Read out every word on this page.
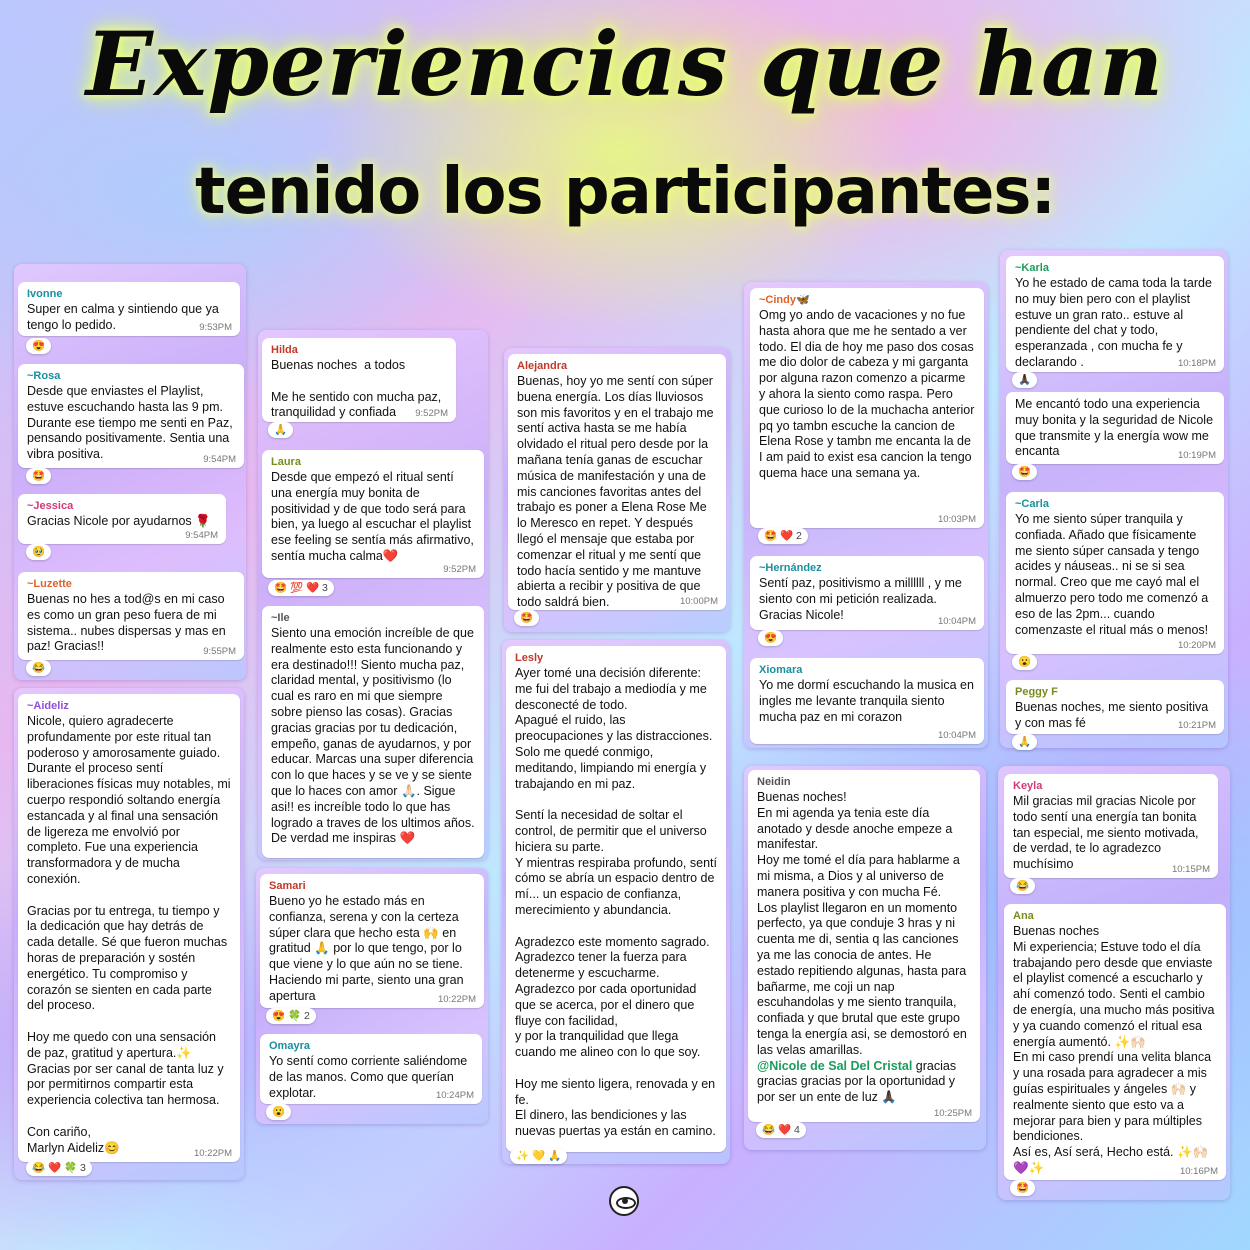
Experiencias que han
tenido los participantes:
Ivonne
Super en calma y sintiendo que ya tengo lo pedido.	9:53PM
😍
~Rosa
Desde que enviastes el Playlist, estuve escuchando hasta las 9 pm. Durante ese tiempo me senti en Paz, pensando positivamente. Sentia una vibra positiva.	9:54PM
🤩
~Jessica
Gracias Nicole por ayudarnos 🌹
9:54PM
🥹
~Luzette
Buenas no hes a tod@s en mi caso es como un gran peso fuera de mi sistema.. nubes dispersas y mas en paz! Gracias!!	9:55PM
😂
~Aideliz
Nicole, quiero agradecerte profundamente por este ritual tan poderoso y amorosamente guiado. Durante el proceso sentí liberaciones físicas muy notables, mi cuerpo respondió soltando energía estancada y al final una sensación de ligereza me envolvió por completo. Fue una experiencia transformadora y de mucha conexión.

Gracias por tu entrega, tu tiempo y la dedicación que hay detrás de cada detalle. Sé que fueron muchas horas de preparación y sostén energético. Tu compromiso y corazón se sienten en cada parte del proceso.

Hoy me quedo con una sensación de paz, gratitud y apertura.✨
Gracias por ser canal de tanta luz y por permitirnos compartir esta experiencia colectiva tan hermosa.

Con cariño,
Marlyn Aideliz😊	10:22PM
😂 ❤️ 🍀 3
Hilda
Buenas noches  a todos

Me he sentido con mucha paz, tranquilidad y confiada	9:52PM
🙏
Laura
Desde que empezó el ritual sentí una energía muy bonita de positividad y de que todo será para bien, ya luego al escuchar el playlist ese feeling se sentía más afirmativo, sentía mucha calma❤️
9:52PM
🤩 💯 ❤️ 3
~Ile
Siento una emoción increíble de que realmente esto esta funcionando y era destinado!!! Siento mucha paz, claridad mental, y positivismo (lo cual es raro en mi que siempre sobre pienso las cosas). Gracias gracias gracias por tu dedicación, empeño, ganas de ayudarnos, y por educar. Marcas una super diferencia con lo que haces y se ve y se siente que lo haces con amor 🙏🏻. Sigue asi!! es increíble todo lo que has logrado a traves de los ultimos años. De verdad me inspiras ❤️
Samari
Bueno yo he estado más en confianza, serena y con la certeza súper clara que hecho esta 🙌 en gratitud 🙏 por lo que tengo, por lo que viene y lo que aún no se tiene. Haciendo mi parte, siento una gran apertura	10:22PM
😍 🍀 2
Omayra
Yo sentí como corriente saliéndome de las manos. Como que querían explotar.	10:24PM
😮
Alejandra
Buenas, hoy yo me sentí con súper buena energía. Los días lluviosos son mis favoritos y en el trabajo me sentí activa hasta se me había olvidado el ritual pero desde por la mañana tenía ganas de escuchar música de manifestación y una de mis canciones favoritas antes del trabajo es poner a Elena Rose Me lo Meresco en repet. Y después llegó el mensaje que estaba por comenzar el ritual y me sentí que todo hacía sentido y me mantuve abierta a recibir y positiva de que todo saldrá bien.	10:00PM
🤩
Lesly
Ayer tomé una decisión diferente: me fui del trabajo a mediodía y me desconecté de todo.
Apagué el ruido, las preocupaciones y las distracciones.
Solo me quedé conmigo, meditando, limpiando mi energía y trabajando en mi paz.

Sentí la necesidad de soltar el control, de permitir que el universo hiciera su parte.
Y mientras respiraba profundo, sentí cómo se abría un espacio dentro de mí... un espacio de confianza, merecimiento y abundancia.

Agradezco este momento sagrado.
Agradezco tener la fuerza para detenerme y escucharme.
Agradezco por cada oportunidad que se acerca, por el dinero que fluye con facilidad,
y por la tranquilidad que llega cuando me alineo con lo que soy.

Hoy me siento ligera, renovada y en fe.
El dinero, las bendiciones y las nuevas puertas ya están en camino.
✨ 💛 🙏
~Cindy🦋
Omg yo ando de vacaciones y no fue hasta ahora que me he sentado a ver todo. El dia de hoy me paso dos cosas me dio dolor de cabeza y mi garganta por alguna razon comenzo a picarme y ahora la siento como raspa. Pero que curioso lo de la muchacha anterior pq yo tambn escuche la cancion de Elena Rose y tambn me encanta la de I am paid to exist esa cancion la tengo quema hace una semana ya.
10:03PM
🤩 ❤️ 2
~Hernández
Sentí paz, positivismo a millllll , y me siento con mi petición realizada. Gracias Nicole!	10:04PM
😍
Xiomara
Yo me dormí escuchando la musica en ingles me levante tranquila siento mucha paz en mi corazon
10:04PM
Neidin
Buenas noches!
En mi agenda ya tenia este día anotado y desde anoche empeze a manifestar.
Hoy me tomé el día para hablarme a mi misma, a Dios y al universo de manera positiva y con mucha Fé.
Los playlist llegaron en un momento perfecto, ya que conduje 3 hras y ni cuenta me di, sentia q las canciones ya me las conocia de antes. He estado repitiendo algunas, hasta para bañarme, me coji un nap escuhandolas y me siento tranquila, confiada y que brutal que este grupo tenga la energía asi, se demostoró en las velas amarillas.
@Nicole de Sal Del Cristal gracias gracias gracias por la oportunidad y por ser un ente de luz 🙏🏿
10:25PM
😂 ❤️ 4
~Karla
Yo he estado de cama toda la tarde no muy bien pero con el playlist estuve un gran rato.. estuve al pendiente del chat y todo, esperanzada , con mucha fe y declarando .	10:18PM
🙏🏿
Me encantó todo una experiencia muy bonita y la seguridad de Nicole que transmite y la energía wow me encanta	10:19PM
🤩
~Carla
Yo me siento súper tranquila y confiada. Añado que físicamente me siento súper cansada y tengo acides y náuseas.. ni se si sea normal. Creo que me cayó mal el almuerzo pero todo me comenzó a eso de las 2pm... cuando comenzaste el ritual más o menos!
10:20PM
😮
Peggy F
Buenas noches, me siento positiva y con mas fé	10:21PM
🙏
Keyla
Mil gracias mil gracias Nicole por todo sentí una energía tan bonita tan especial, me siento motivada, de verdad, te lo agradezco muchísimo	10:15PM
😂
Ana
Buenas noches
Mi experiencia; Estuve todo el día trabajando pero desde que enviaste el playlist comencé a escucharlo y ahí comenzó todo. Senti el cambio de energía, una mucho más positiva y ya cuando comenzó el ritual esa energía aumentó. ✨🙌🏻
En mi caso prendí una velita blanca y una rosada para agradecer a mis guías espirituales y ángeles 🙌🏻 y realmente siento que esto va a mejorar para bien y para múltiples bendiciones.
Así es, Así será, Hecho está. ✨🙌🏻
💜✨	10:16PM
🤩
